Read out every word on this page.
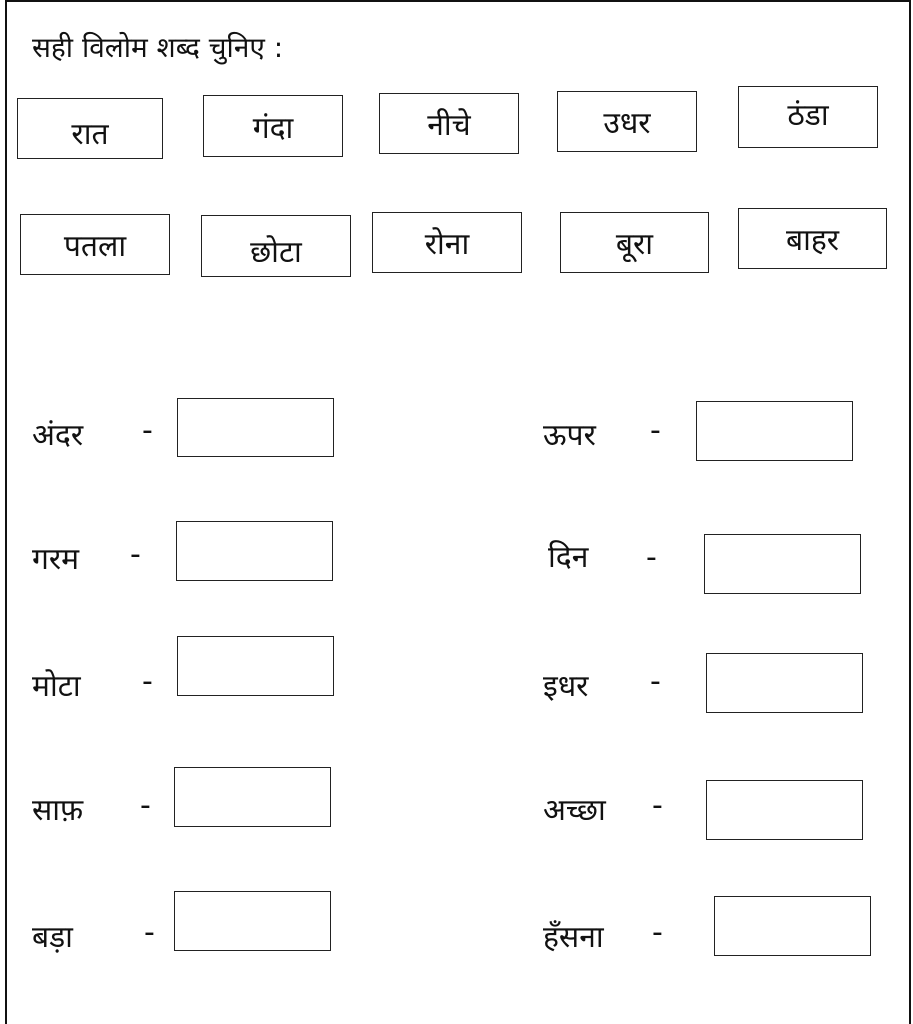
सही विलोम शब्द चुनिए :
रात	गंदा	नीचे	उधर	ठंडा
पतला	छोटा	रोना	बूरा	बाहर
अंदर -
गरम -
मोटा -
साफ़ -
बड़ा -
ऊपर -
दिन -
इधर -
अच्छा -
हँसना -
